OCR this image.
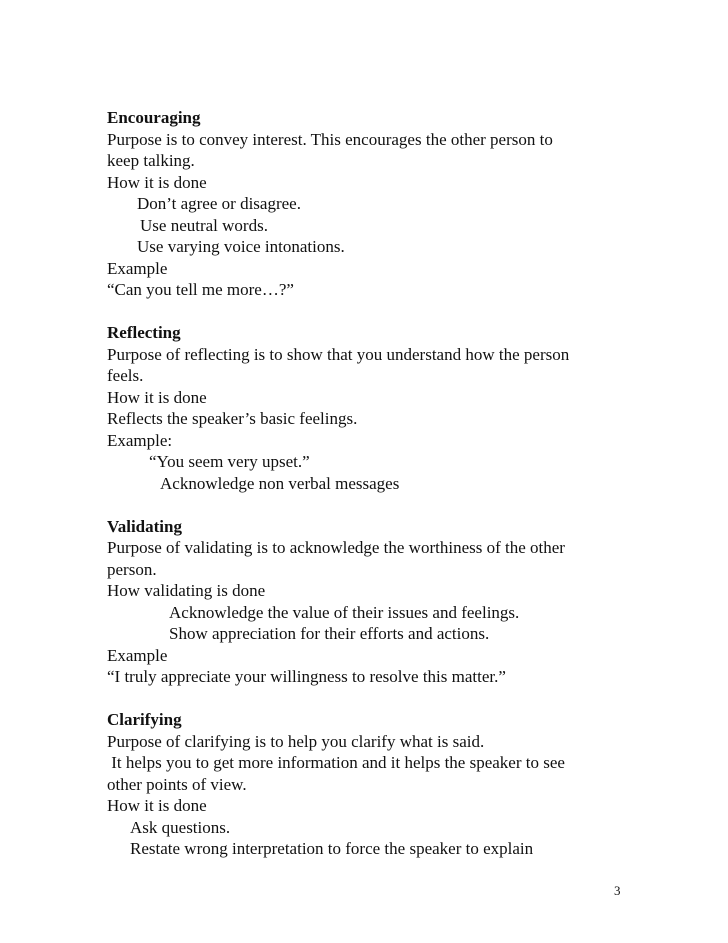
Encouraging

Purpose is to convey interest. This encourages the other person to

keep talking.

How it is done

Don’t agree or disagree.

Use neutral words.

Use varying voice intonations.

Example

“Can you tell me more…?”

Reflecting

Purpose of reflecting is to show that you understand how the person

feels.

How it is done

Reflects the speaker’s basic feelings.

Example:

“You seem very upset.”

Acknowledge non verbal messages

Validating

Purpose of validating is to acknowledge the worthiness of the other

person.

How validating is done

Acknowledge the value of their issues and feelings.

Show appreciation for their efforts and actions.

Example

“I truly appreciate your willingness to resolve this matter.”

Clarifying

Purpose of clarifying is to help you clarify what is said.

It helps you to get more information and it helps the speaker to see

other points of view.

How it is done

Ask questions.

Restate wrong interpretation to force the speaker to explain

3
